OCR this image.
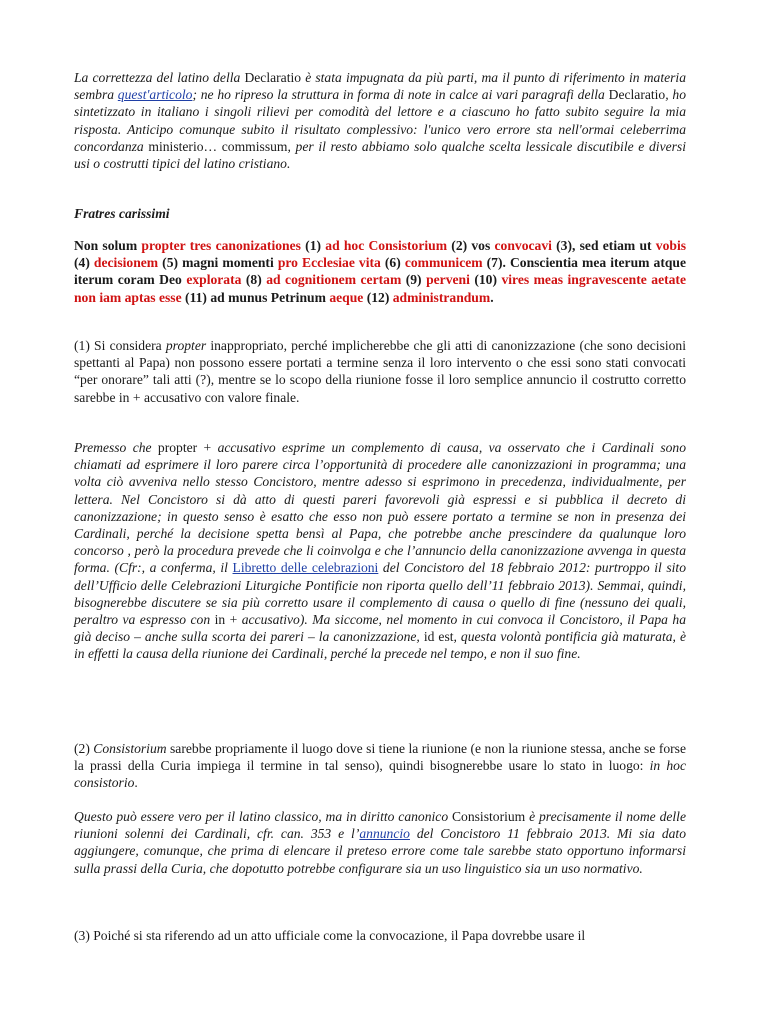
La correttezza del latino della Declaratio è stata impugnata da più parti, ma il punto di riferimento in materia sembra quest'articolo; ne ho ripreso la struttura in forma di note in calce ai vari paragrafi della Declaratio, ho sintetizzato in italiano i singoli rilievi per comodità del lettore e a ciascuno ho fatto subito seguire la mia risposta. Anticipo comunque subito il risultato complessivo: l'unico vero errore sta nell'ormai celeberrima concordanza ministerio… commissum, per il resto abbiamo solo qualche scelta lessicale discutibile e diversi usi o costrutti tipici del latino cristiano.

Fratres carissimi

Non solum propter tres canonizationes (1) ad hoc Consistorium (2) vos convocavi (3), sed etiam ut vobis (4) decisionem (5) magni momenti pro Ecclesiae vita (6) communicem (7). Conscientia mea iterum atque iterum coram Deo explorata (8) ad cognitionem certam (9) perveni (10) vires meas ingravescente aetate non iam aptas esse (11) ad munus Petrinum aeque (12) administrandum.

(1) Si considera propter inappropriato, perché implicherebbe che gli atti di canonizzazione (che sono decisioni spettanti al Papa) non possono essere portati a termine senza il loro intervento o che essi sono stati convocati “per onorare” tali atti (?), mentre se lo scopo della riunione fosse il loro semplice annuncio il costrutto corretto sarebbe in + accusativo con valore finale.

Premesso che propter + accusativo esprime un complemento di causa, va osservato che i Cardinali sono chiamati ad esprimere il loro parere circa l’opportunità di procedere alle canonizzazioni in programma; una volta ciò avveniva nello stesso Concistoro, mentre adesso si esprimono in precedenza, individualmente, per lettera. Nel Concistoro si dà atto di questi pareri favorevoli già espressi e si pubblica il decreto di canonizzazione; in questo senso è esatto che esso non può essere portato a termine se non in presenza dei Cardinali, perché la decisione spetta bensì al Papa, che potrebbe anche prescindere da qualunque loro concorso , però la procedura prevede che li coinvolga e che l’annuncio della canonizzazione avvenga in questa forma. (Cfr:, a conferma, il Libretto delle celebrazioni del Concistoro del 18 febbraio 2012: purtroppo il sito dell’Ufficio delle Celebrazioni Liturgiche Pontificie non riporta quello dell’11 febbraio 2013). Semmai, quindi, bisognerebbe discutere se sia più corretto usare il complemento di causa o quello di fine (nessuno dei quali, peraltro va espresso con in + accusativo). Ma siccome, nel momento in cui convoca il Concistoro, il Papa ha già deciso – anche sulla scorta dei pareri – la canonizzazione, id est, questa volontà pontificia già maturata, è in effetti la causa della riunione dei Cardinali, perché la precede nel tempo, e non il suo fine.

(2) Consistorium sarebbe propriamente il luogo dove si tiene la riunione (e non la riunione stessa, anche se forse la prassi della Curia impiega il termine in tal senso), quindi bisognerebbe usare lo stato in luogo: in hoc consistorio.

Questo può essere vero per il latino classico, ma in diritto canonico Consistorium è precisamente il nome delle riunioni solenni dei Cardinali, cfr. can. 353 e l’annuncio del Concistoro 11 febbraio 2013. Mi sia dato aggiungere, comunque, che prima di elencare il preteso errore come tale sarebbe stato opportuno informarsi sulla prassi della Curia, che dopotutto potrebbe configurare sia un uso linguistico sia un uso normativo.

(3) Poiché si sta riferendo ad un atto ufficiale come la convocazione, il Papa dovrebbe usare il
